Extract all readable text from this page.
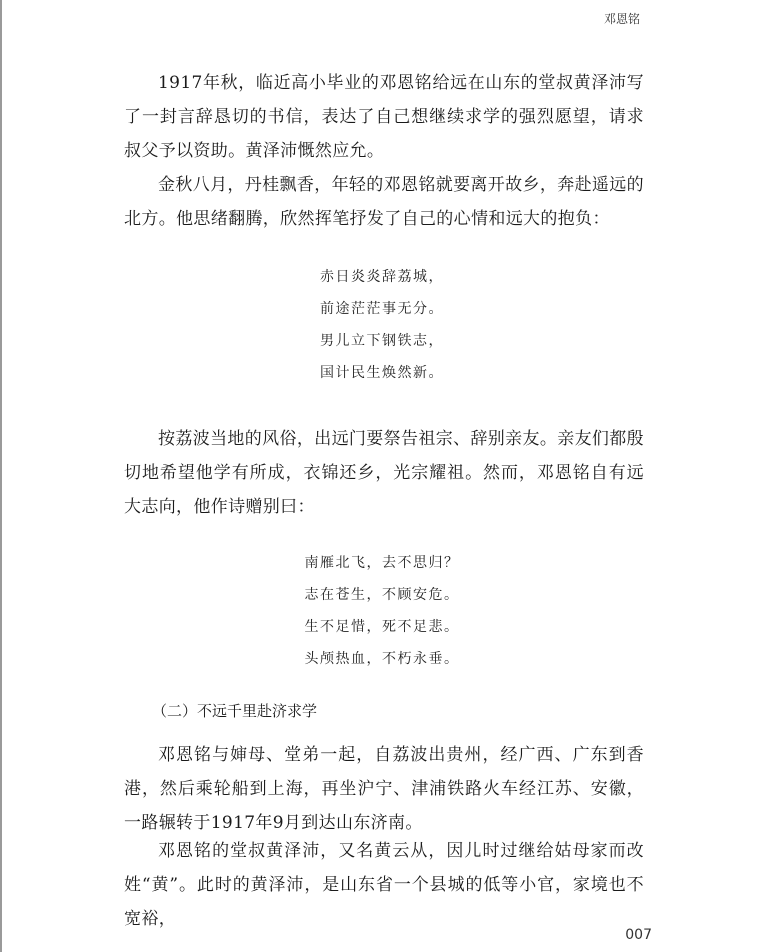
邓恩铭

1917年秋，临近高小毕业的邓恩铭给远在山东的堂叔黄泽沛写了一封言辞恳切的书信，表达了自己想继续求学的强烈愿望，请求叔父予以资助。黄泽沛慨然应允。

金秋八月，丹桂飘香，年轻的邓恩铭就要离开故乡，奔赴遥远的北方。他思绪翻腾，欣然挥笔抒发了自己的心情和远大的抱负：

赤日炎炎辞荔城，
前途茫茫事无分。
男儿立下钢铁志，
国计民生焕然新。

按荔波当地的风俗，出远门要祭告祖宗、辞别亲友。亲友们都殷切地希望他学有所成，衣锦还乡，光宗耀祖。然而，邓恩铭自有远大志向，他作诗赠别曰：

南雁北飞，去不思归？
志在苍生，不顾安危。
生不足惜，死不足悲。
头颅热血，不朽永垂。
（二）不远千里赴济求学

邓恩铭与婶母、堂弟一起，自荔波出贵州，经广西、广东到香港，然后乘轮船到上海，再坐沪宁、津浦铁路火车经江苏、安徽，一路辗转于1917年9月到达山东济南。

邓恩铭的堂叔黄泽沛，又名黄云从，因儿时过继给姑母家而改姓“黄”。此时的黄泽沛，是山东省一个县城的低等小官，家境也不宽裕，

007
